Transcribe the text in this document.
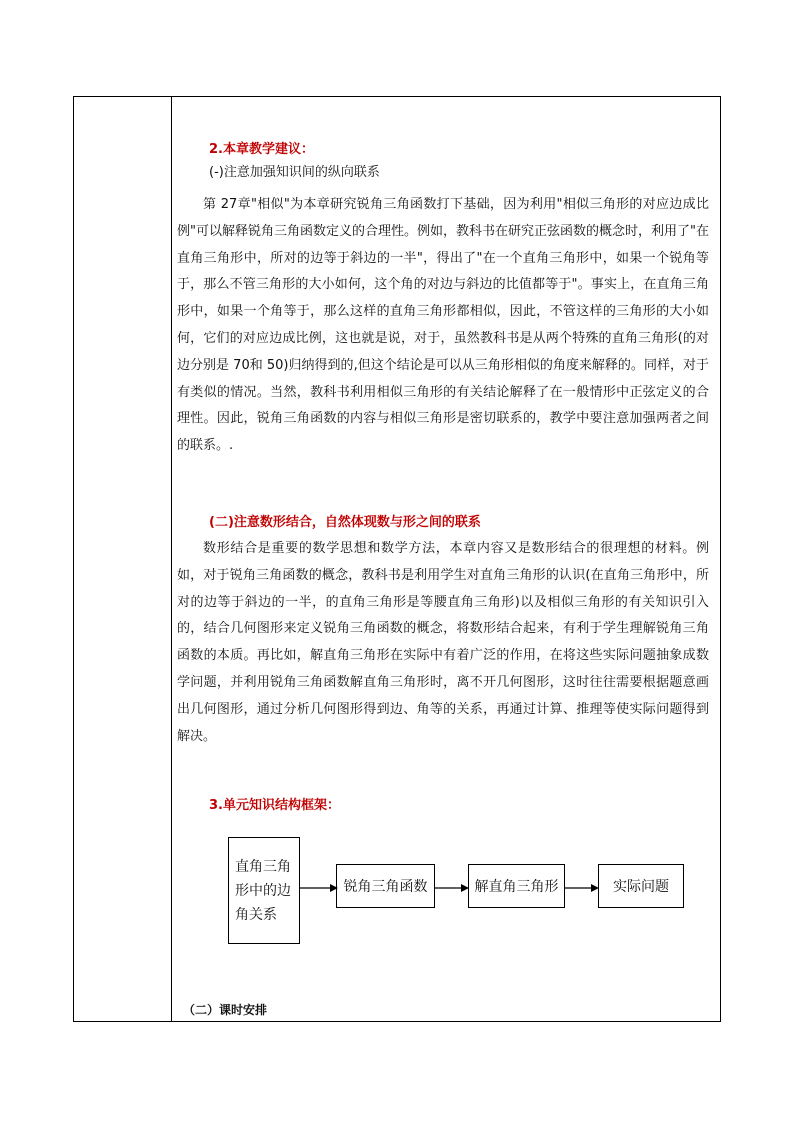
2.本章教学建议：
(-)注意加强知识间的纵向联系

第 27章"相似"为本章研究锐角三角函数打下基础，因为利用"相似三角形的对应边成比例"可以解释锐角三角函数定义的合理性。例如，教科书在研究正弦函数的概念时，利用了"在直角三角形中，所对的边等于斜边的一半"，得出了"在一个直角三角形中，如果一个锐角等于，那么不管三角形的大小如何，这个角的对边与斜边的比值都等于"。事实上，在直角三角形中，如果一个角等于，那么这样的直角三角形都相似，因此，不管这样的三角形的大小如何，它们的对应边成比例，这也就是说，对于，虽然教科书是从两个特殊的直角三角形(的对边分别是 70和 50)归纳得到的,但这个结论是可以从三角形相似的角度来解释的。同样，对于有类似的情况。当然，教科书利用相似三角形的有关结论解释了在一般情形中正弦定义的合理性。因此，锐角三角函数的内容与相似三角形是密切联系的，教学中要注意加强两者之间的联系。.

(二)注意数形结合，自然体现数与形之间的联系

数形结合是重要的数学思想和数学方法，本章内容又是数形结合的很理想的材料。例如，对于锐角三角函数的概念，教科书是利用学生对直角三角形的认识(在直角三角形中，所对的边等于斜边的一半，的直角三角形是等腰直角三角形)以及相似三角形的有关知识引入的，结合几何图形来定义锐角三角函数的概念，将数形结合起来，有利于学生理解锐角三角函数的本质。再比如，解直角三角形在实际中有着广泛的作用，在将这些实际问题抽象成数学问题，并利用锐角三角函数解直角三角形时，离不开几何图形，这时往往需要根据题意画出几何图形，通过分析几何图形得到边、角等的关系，再通过计算、推理等使实际问题得到解决。

3.单元知识结构框架：
直角三角形中的边角关系
锐角三角函数	解直角三角形	实际问题
（二）课时安排
